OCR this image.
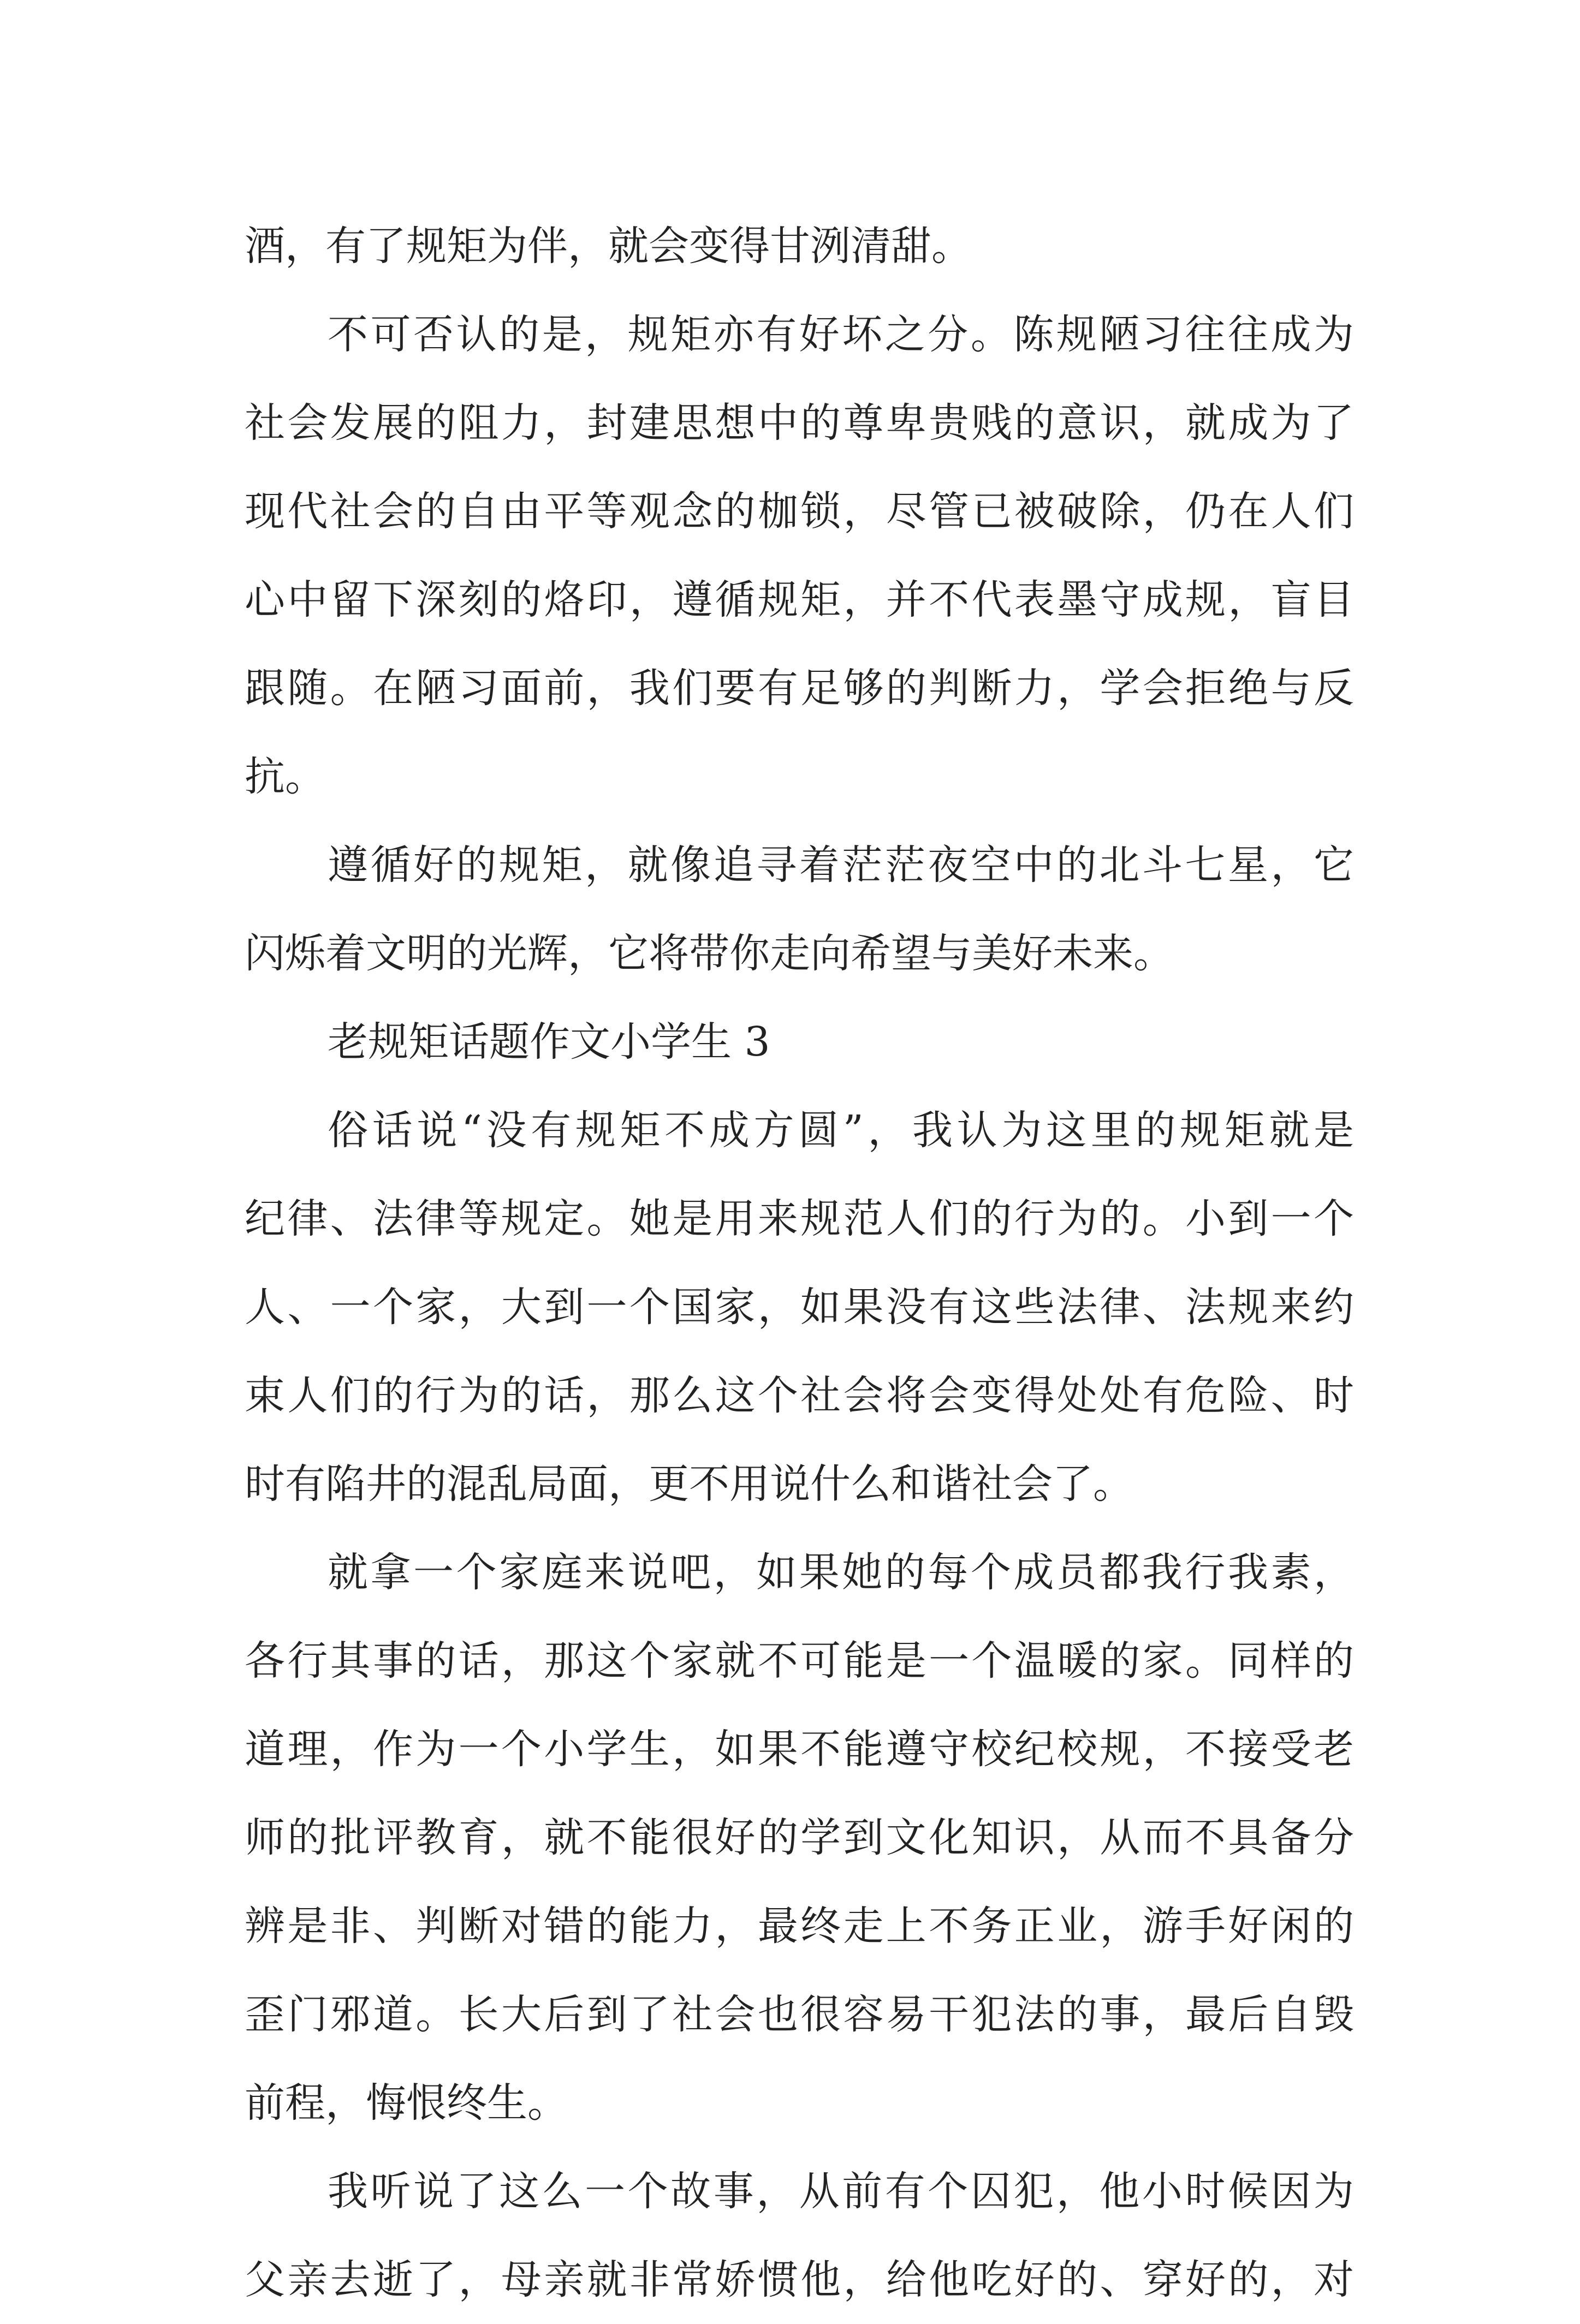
酒，有了规矩为伴，就会变得甘洌清甜。
不可否认的是，规矩亦有好坏之分。陈规陋习往往成为
社会发展的阻力，封建思想中的尊卑贵贱的意识，就成为了
现代社会的自由平等观念的枷锁，尽管已被破除，仍在人们
心中留下深刻的烙印，遵循规矩，并不代表墨守成规，盲目
跟随。在陋习面前，我们要有足够的判断力，学会拒绝与反
抗。
遵循好的规矩，就像追寻着茫茫夜空中的北斗七星，它
闪烁着文明的光辉，它将带你走向希望与美好未来。
老规矩话题作文小学生 3
俗话说“没有规矩不成方圆”，我认为这里的规矩就是
纪律、法律等规定。她是用来规范人们的行为的。小到一个
人、一个家，大到一个国家，如果没有这些法律、法规来约
束人们的行为的话，那么这个社会将会变得处处有危险、时
时有陷井的混乱局面，更不用说什么和谐社会了。
就拿一个家庭来说吧，如果她的每个成员都我行我素，
各行其事的话，那这个家就不可能是一个温暖的家。同样的
道理，作为一个小学生，如果不能遵守校纪校规，不接受老
师的批评教育，就不能很好的学到文化知识，从而不具备分
辨是非、判断对错的能力，最终走上不务正业，游手好闲的
歪门邪道。长大后到了社会也很容易干犯法的事，最后自毁
前程，悔恨终生。
我听说了这么一个故事，从前有个囚犯，他小时候因为
父亲去逝了，母亲就非常娇惯他，给他吃好的、穿好的，对
